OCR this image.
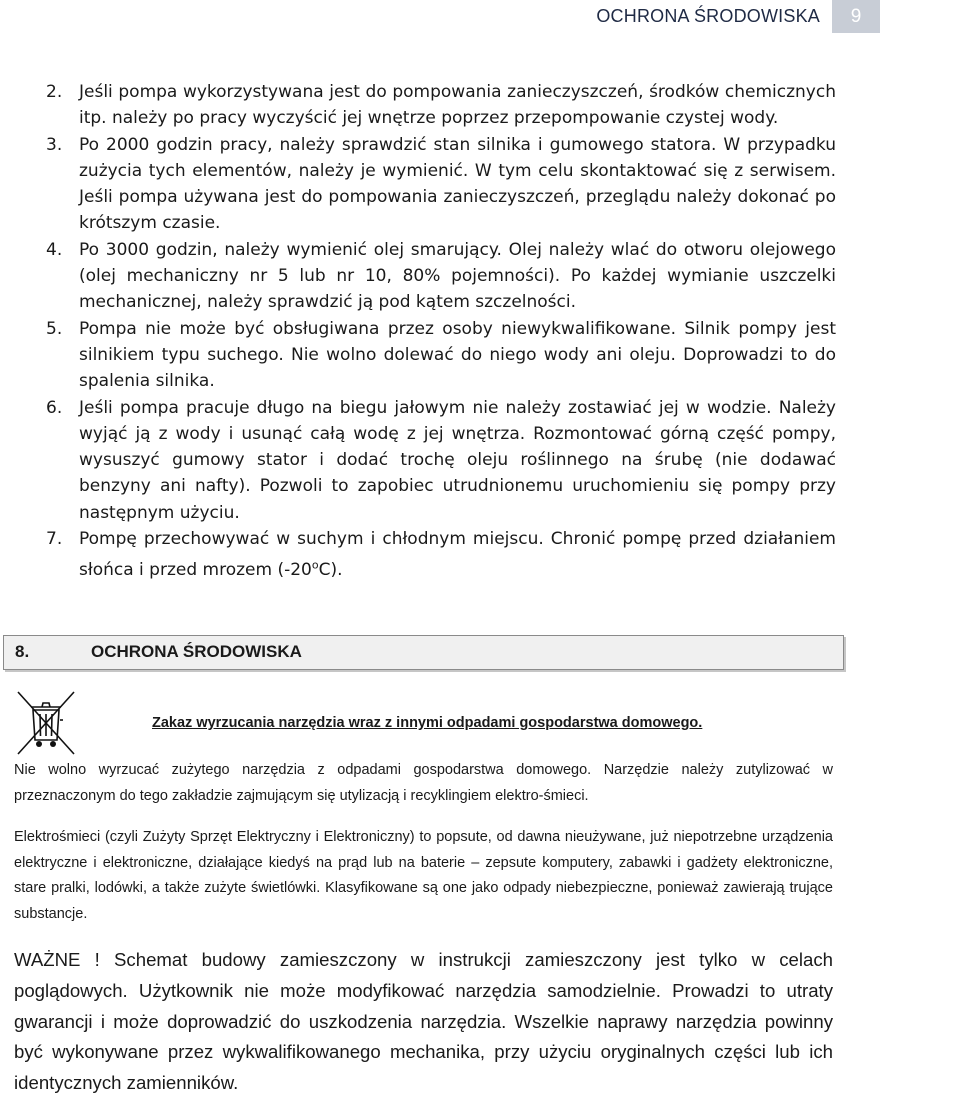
OCHRONA ŚRODOWISKA	9
2. Jeśli pompa wykorzystywana jest do pompowania zanieczyszczeń, środków chemicznych itp. należy po pracy wyczyścić jej wnętrze poprzez przepompowanie czystej wody.
3. Po 2000 godzin pracy, należy sprawdzić stan silnika i gumowego statora. W przypadku zużycia tych elementów, należy je wymienić. W tym celu skontaktować się z serwisem. Jeśli pompa używana jest do pompowania zanieczyszczeń, przeglądu należy dokonać po krótszym czasie.
4. Po 3000 godzin, należy wymienić olej smarujący. Olej należy wlać do otworu olejowego (olej mechaniczny nr 5 lub nr 10, 80% pojemności). Po każdej wymianie uszczelki mechanicznej, należy sprawdzić ją pod kątem szczelności.
5. Pompa nie może być obsługiwana przez osoby niewykwalifikowane. Silnik pompy jest silnikiem typu suchego. Nie wolno dolewać do niego wody ani oleju. Doprowadzi to do spalenia silnika.
6. Jeśli pompa pracuje długo na biegu jałowym nie należy zostawiać jej w wodzie. Należy wyjąć ją z wody i usunąć całą wodę z jej wnętrza. Rozmontować górną część pompy, wysuszyć gumowy stator i dodać trochę oleju roślinnego na śrubę (nie dodawać benzyny ani nafty). Pozwoli to zapobiec utrudnionemu uruchomieniu się pompy przy następnym użyciu.
7. Pompę przechowywać w suchym i chłodnym miejscu. Chronić pompę przed działaniem słońca i przed mrozem (-20$^o$C).
8.	OCHRONA ŚRODOWISKA
Zakaz wyrzucania narzędzia wraz z innymi odpadami gospodarstwa domowego.
Nie wolno wyrzucać zużytego narzędzia z odpadami gospodarstwa domowego. Narzędzie należy zutylizować w przeznaczonym do tego zakładzie zajmującym się utylizacją i recyklingiem elektro-śmieci.
Elektrośmieci (czyli Zużyty Sprzęt Elektryczny i Elektroniczny) to popsute, od dawna nieużywane, już niepotrzebne urządzenia elektryczne i elektroniczne, działające kiedyś na prąd lub na baterie – zepsute komputery, zabawki i gadżety elektroniczne, stare pralki, lodówki, a także zużyte świetlówki. Klasyfikowane są one jako odpady niebezpieczne, ponieważ zawierają trujące substancje.
WAŻNE ! Schemat budowy zamieszczony w instrukcji zamieszczony jest tylko w celach poglądowych. Użytkownik nie może modyfikować narzędzia samodzielnie. Prowadzi to utraty gwarancji i może doprowadzić do uszkodzenia narzędzia. Wszelkie naprawy narzędzia powinny być wykonywane przez wykwalifikowanego mechanika, przy użyciu oryginalnych części lub ich identycznych zamienników.
